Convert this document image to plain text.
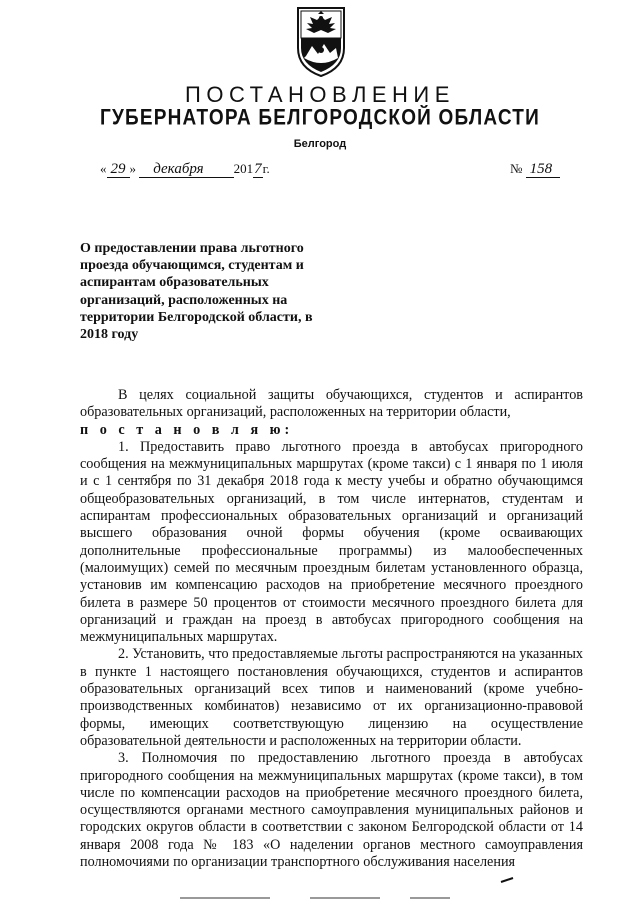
ПОСТАНОВЛЕНИЕ
ГУБЕРНАТОРА БЕЛГОРОДСКОЙ ОБЛАСТИ
Белгород
« 29 » декабря 2017г.	№ 158
О предоставлении права льготного проезда обучающимся, студентам и аспирантам образовательных организаций, расположенных на территории Белгородской области, в 2018 году

В целях социальной защиты обучающихся, студентов и аспирантов образовательных организаций, расположенных на территории области,

п о с т а н о в л я ю:

1. Предоставить право льготного проезда в автобусах пригородного сообщения на межмуниципальных маршрутах (кроме такси) с 1 января по 1 июля и с 1 сентября по 31 декабря 2018 года к месту учебы и обратно обучающимся общеобразовательных организаций, в том числе интернатов, студентам и аспирантам профессиональных образовательных организаций и организаций высшего образования очной формы обучения (кроме осваивающих дополнительные профессиональные программы) из малообеспеченных (малоимущих) семей по месячным проездным билетам установленного образца, установив им компенсацию расходов на приобретение месячного проездного билета в размере 50 процентов от стоимости месячного проездного билета для организаций и граждан на проезд в автобусах пригородного сообщения на межмуниципальных маршрутах.

2. Установить, что предоставляемые льготы распространяются на указанных в пункте 1 настоящего постановления обучающихся, студентов и аспирантов образовательных организаций всех типов и наименований (кроме учебно-производственных комбинатов) независимо от их организационно-правовой формы, имеющих соответствующую лицензию на осуществление образовательной деятельности и расположенных на территории области.

3. Полномочия по предоставлению льготного проезда в автобусах пригородного сообщения на межмуниципальных маршрутах (кроме такси), в том числе по компенсации расходов на приобретение месячного проездного билета, осуществляются органами местного самоуправления муниципальных районов и городских округов области в соответствии с законом Белгородской области от 14 января 2008 года № 183 «О наделении органов местного самоуправления полномочиями по организации транспортного обслуживания населения
